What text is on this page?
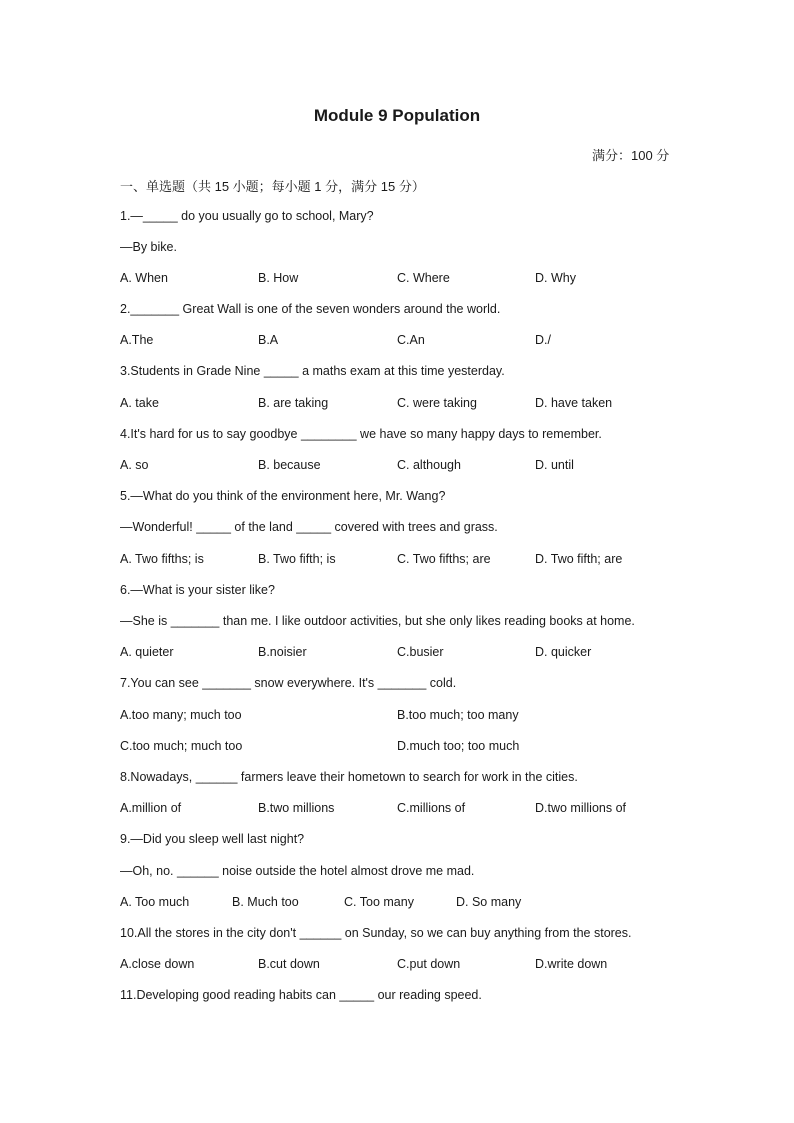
Module 9 Population
满分：100 分
一、单选题（共 15 小题；每小题 1 分，满分 15 分）
1.—_____ do you usually go to school, Mary?
—By bike.
A. When	B. How	C. Where	D. Why
2._______ Great Wall is one of the seven wonders around the world.
A.The	B.A	C.An	D./
3.Students in Grade Nine _____ a maths exam at this time yesterday.
A. take	B. are taking	C. were taking	D. have taken
4.It's hard for us to say goodbye ________ we have so many happy days to remember.
A. so	B. because	C. although	D. until
5.—What do you think of the environment here, Mr. Wang?
—Wonderful! _____ of the land _____ covered with trees and grass.
A. Two fifths; is	B. Two fifth; is	C. Two fifths; are	D. Two fifth; are
6.—What is your sister like?
—She is _______ than me. I like outdoor activities, but she only likes reading books at home.
A. quieter	B.noisier	C.busier	D. quicker
7.You can see _______ snow everywhere. It's _______ cold.
A.too many; much too	B.too much; too many
C.too much; much too	D.much too; too much
8.Nowadays, ______ farmers leave their hometown to search for work in the cities.
A.million of	B.two millions	C.millions of	D.two millions of
9.—Did you sleep well last night?
—Oh, no. ______ noise outside the hotel almost drove me mad.
A. Too much	B. Much too	C. Too many	D. So many
10.All the stores in the city don't ______ on Sunday, so we can buy anything from the stores.
A.close down	B.cut down	C.put down	D.write down
11.Developing good reading habits can _____ our reading speed.
